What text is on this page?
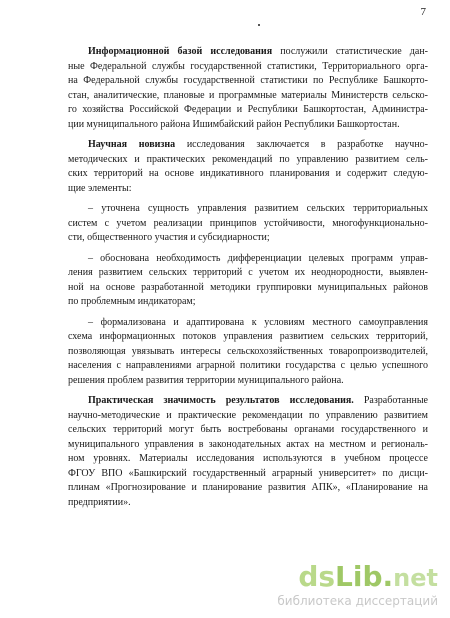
7
Информационной базой исследования послужили статистические дан-
ные Федеральной службы государственной статистики, Территориального орга-
на Федеральной службы государственной статистики по Республике Башкорто-
стан, аналитические, плановые и программные материалы Министерств сельско-
го хозяйства Российской Федерации и Республики Башкортостан, Администра-
ции муниципального района Ишимбайский район Республики Башкортостан.
Научная новизна исследования заключается в разработке научно-
методических и практических рекомендаций по управлению развитием сель-
ских территорий на основе индикативного планирования и содержит следую-
щие элементы:
– уточнена сущность управления развитием сельских территориальных
систем с учетом реализации принципов устойчивости, многофункционально-
сти, общественного участия и субсидиарности;
– обоснована необходимость дифференциации целевых программ управ-
ления развитием сельских территорий с учетом их неоднородности, выявлен-
ной на основе разработанной методики группировки муниципальных районов
по проблемным индикаторам;
– формализована и адаптирована к условиям местного самоуправления
схема информационных потоков управления развитием сельских территорий,
позволяющая увязывать интересы сельскохозяйственных товаропроизводителей,
населения с направлениями аграрной политики государства с целью успешного
решения проблем развития территории муниципального района.
Практическая значимость результатов исследования. Разработанные
научно-методические и практические рекомендации по управлению развитием
сельских территорий могут быть востребованы органами государственного и
муниципального управления в законодательных актах на местном и региональ-
ном уровнях. Материалы исследования используются в учебном процессе
ФГОУ ВПО «Башкирский государственный аграрный университет» по дисци-
плинам «Прогнозирование и планирование развития АПК», «Планирование на
предприятии».
ds Lib . net
библиотека диссертаций
